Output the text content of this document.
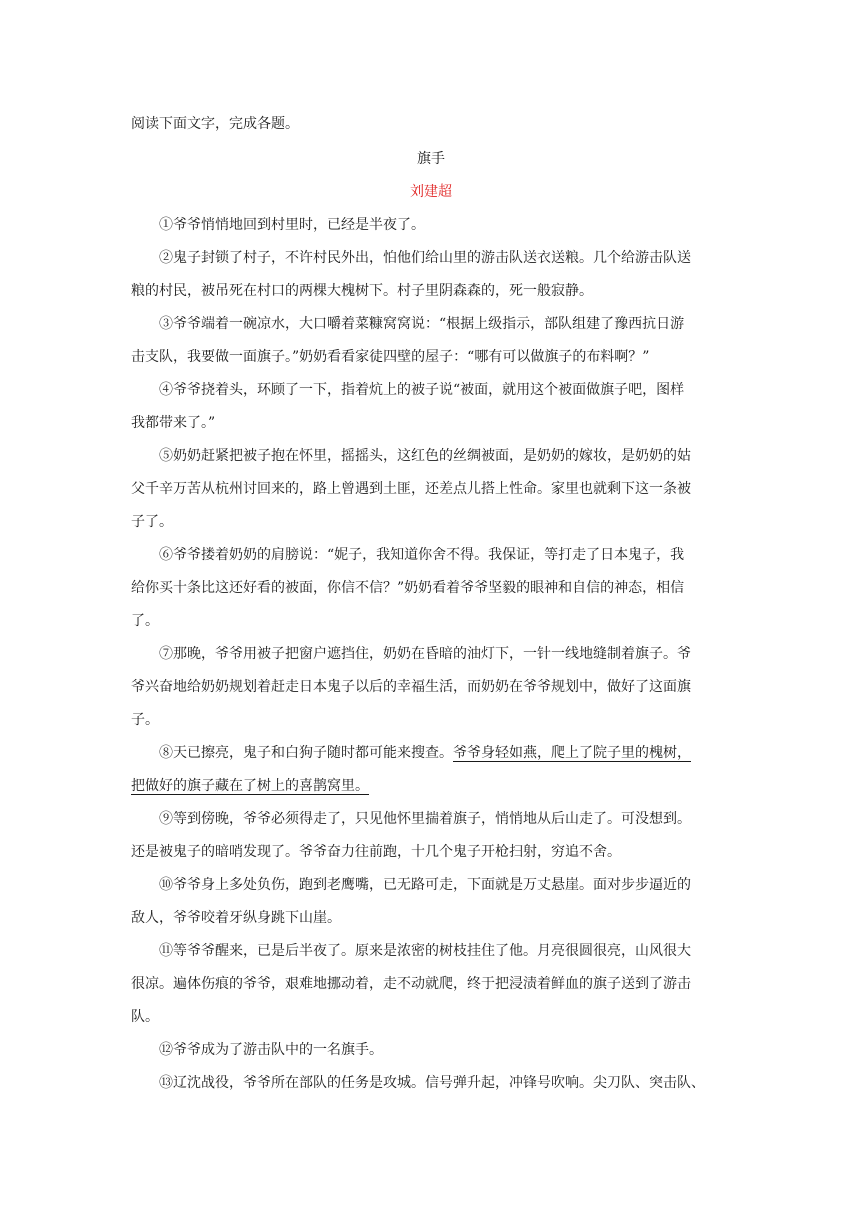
阅读下面文字，完成各题。
旗手
刘建超
①爷爷悄悄地回到村里时，已经是半夜了。
②鬼子封锁了村子，不许村民外出，怕他们给山里的游击队送衣送粮。几个给游击队送
粮的村民，被吊死在村口的两棵大槐树下。村子里阴森森的，死一般寂静。
③爷爷端着一碗凉水，大口嚼着菜糠窝窝说：“根据上级指示，部队组建了豫西抗日游
击支队，我要做一面旗子。”奶奶看看家徒四壁的屋子：“哪有可以做旗子的布料啊？”
④爷爷挠着头，环顾了一下，指着炕上的被子说“被面，就用这个被面做旗子吧，图样
我都带来了。”
⑤奶奶赶紧把被子抱在怀里，摇摇头，这红色的丝绸被面，是奶奶的嫁妆，是奶奶的姑
父千辛万苦从杭州讨回来的，路上曾遇到土匪，还差点儿搭上性命。家里也就剩下这一条被
子了。
⑥爷爷搂着奶奶的肩膀说：“妮子，我知道你舍不得。我保证，等打走了日本鬼子，我
给你买十条比这还好看的被面，你信不信？”奶奶看着爷爷坚毅的眼神和自信的神态，相信
了。
⑦那晚，爷爷用被子把窗户遮挡住，奶奶在昏暗的油灯下，一针一线地缝制着旗子。爷
爷兴奋地给奶奶规划着赶走日本鬼子以后的幸福生活，而奶奶在爷爷规划中，做好了这面旗
子。
⑧天已擦亮，鬼子和白狗子随时都可能来搜查。爷爷身轻如燕，爬上了院子里的槐树，
把做好的旗子藏在了树上的喜鹊窝里。
⑨等到傍晚，爷爷必须得走了，只见他怀里揣着旗子，悄悄地从后山走了。可没想到。
还是被鬼子的暗哨发现了。爷爷奋力往前跑，十几个鬼子开枪扫射，穷追不舍。
⑩爷爷身上多处负伤，跑到老鹰嘴，已无路可走，下面就是万丈悬崖。面对步步逼近的
敌人，爷爷咬着牙纵身跳下山崖。
⑪等爷爷醒来，已是后半夜了。原来是浓密的树枝挂住了他。月亮很圆很亮，山风很大
很凉。遍体伤痕的爷爷，艰难地挪动着，走不动就爬，终于把浸渍着鲜血的旗子送到了游击
队。
⑫爷爷成为了游击队中的一名旗手。
⑬辽沈战役，爷爷所在部队的任务是攻城。信号弹升起，冲锋号吹响。尖刀队、突击队、
